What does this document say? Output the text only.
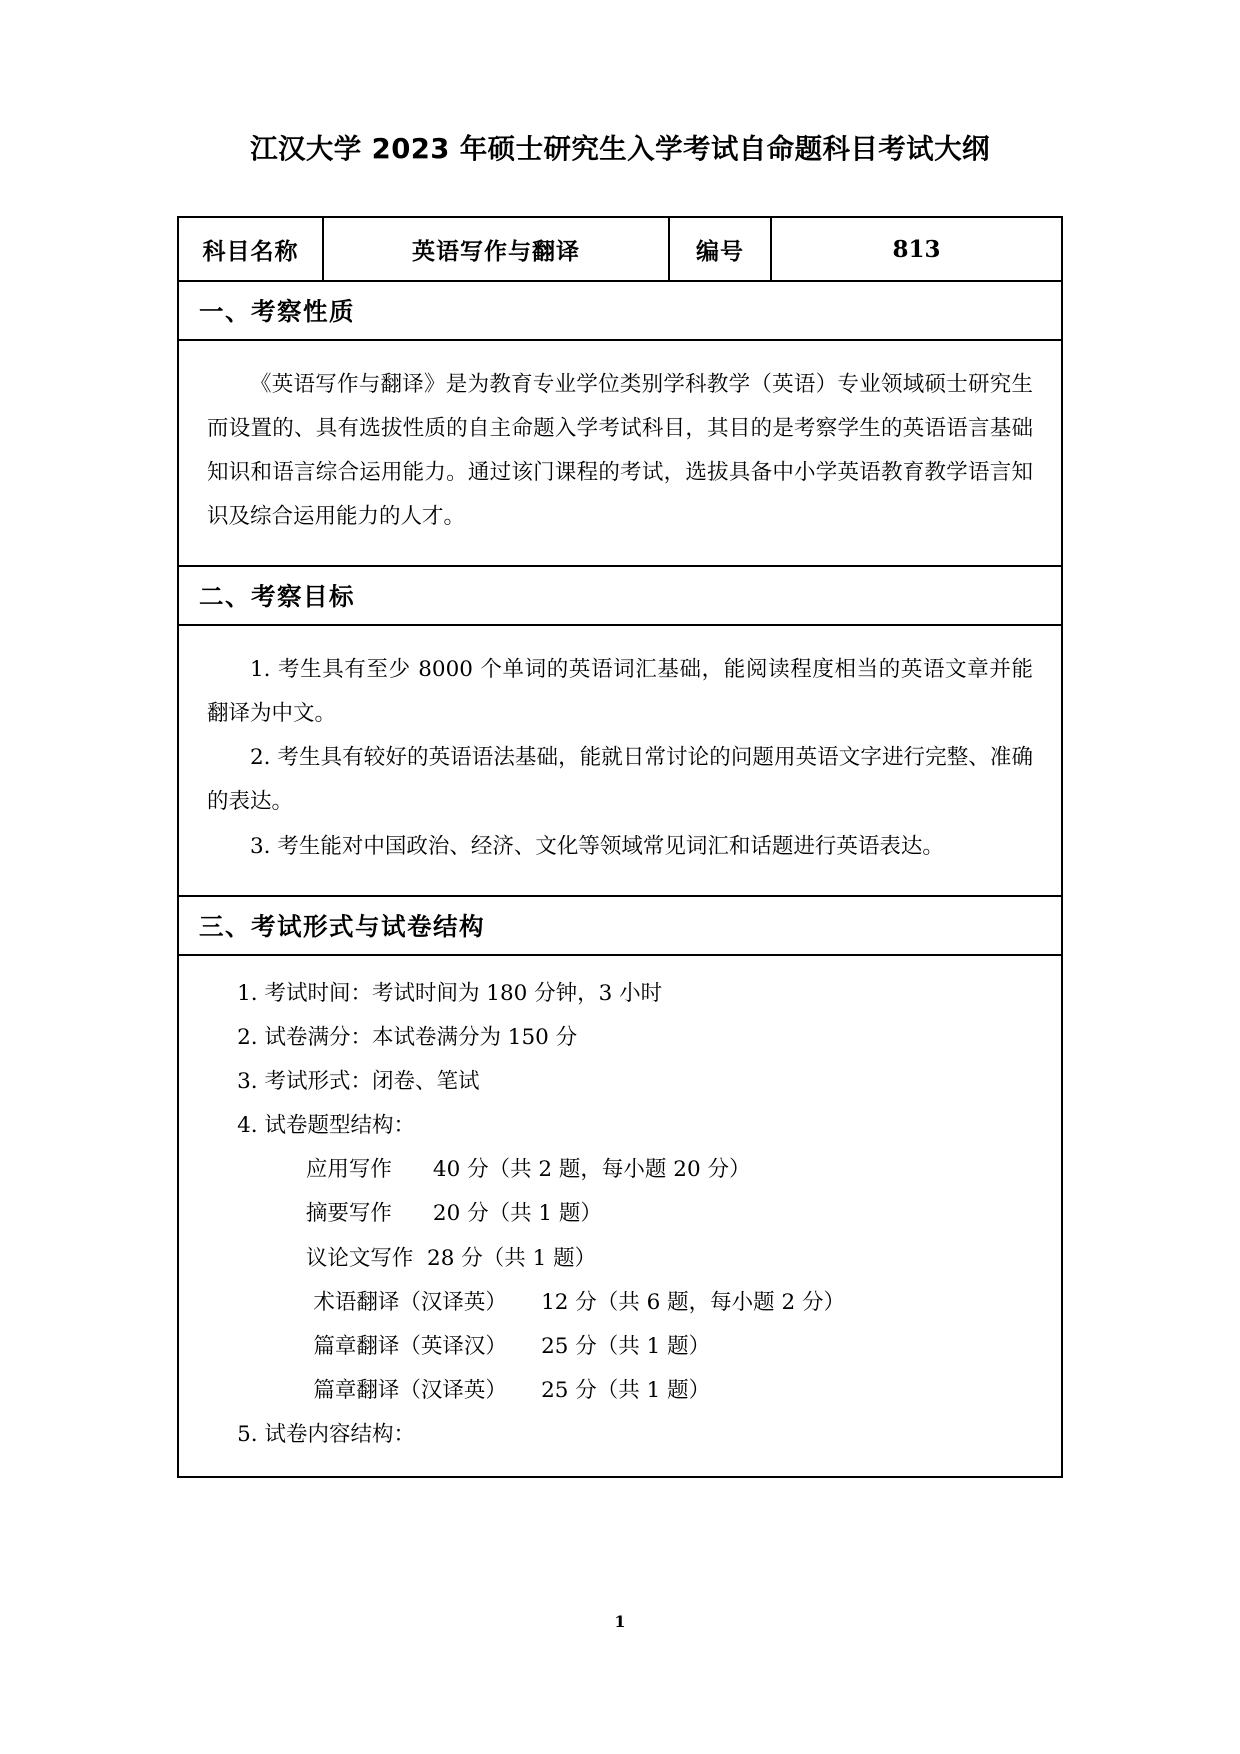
江汉大学 2023 年硕士研究生入学考试自命题科目考试大纲
科目名称	英语写作与翻译	编号	813
一、考察性质

《英语写作与翻译》是为教育专业学位类别学科教学（英语）专业领域硕士研究生而设置的、具有选拔性质的自主命题入学考试科目，其目的是考察学生的英语语言基础知识和语言综合运用能力。通过该门课程的考试，选拔具备中小学英语教育教学语言知识及综合运用能力的人才。

二、考察目标

1. 考生具有至少 8000 个单词的英语词汇基础，能阅读程度相当的英语文章并能翻译为中文。

2. 考生具有较好的英语语法基础，能就日常讨论的问题用英语文字进行完整、准确的表达。

3. 考生能对中国政治、经济、文化等领域常见词汇和话题进行英语表达。

三、考试形式与试卷结构

1. 考试时间：考试时间为 180 分钟，3 小时

2. 试卷满分：本试卷满分为 150 分

3. 考试形式：闭卷、笔试

4. 试卷题型结构：

应用写作      40 分（共 2 题，每小题 20 分）

摘要写作      20 分（共 1 题）

议论文写作  28 分（共 1 题）

术语翻译（汉译英）     12 分（共 6 题，每小题 2 分）

篇章翻译（英译汉）     25 分（共 1 题）

篇章翻译（汉译英）     25 分（共 1 题）

5. 试卷内容结构：

1
